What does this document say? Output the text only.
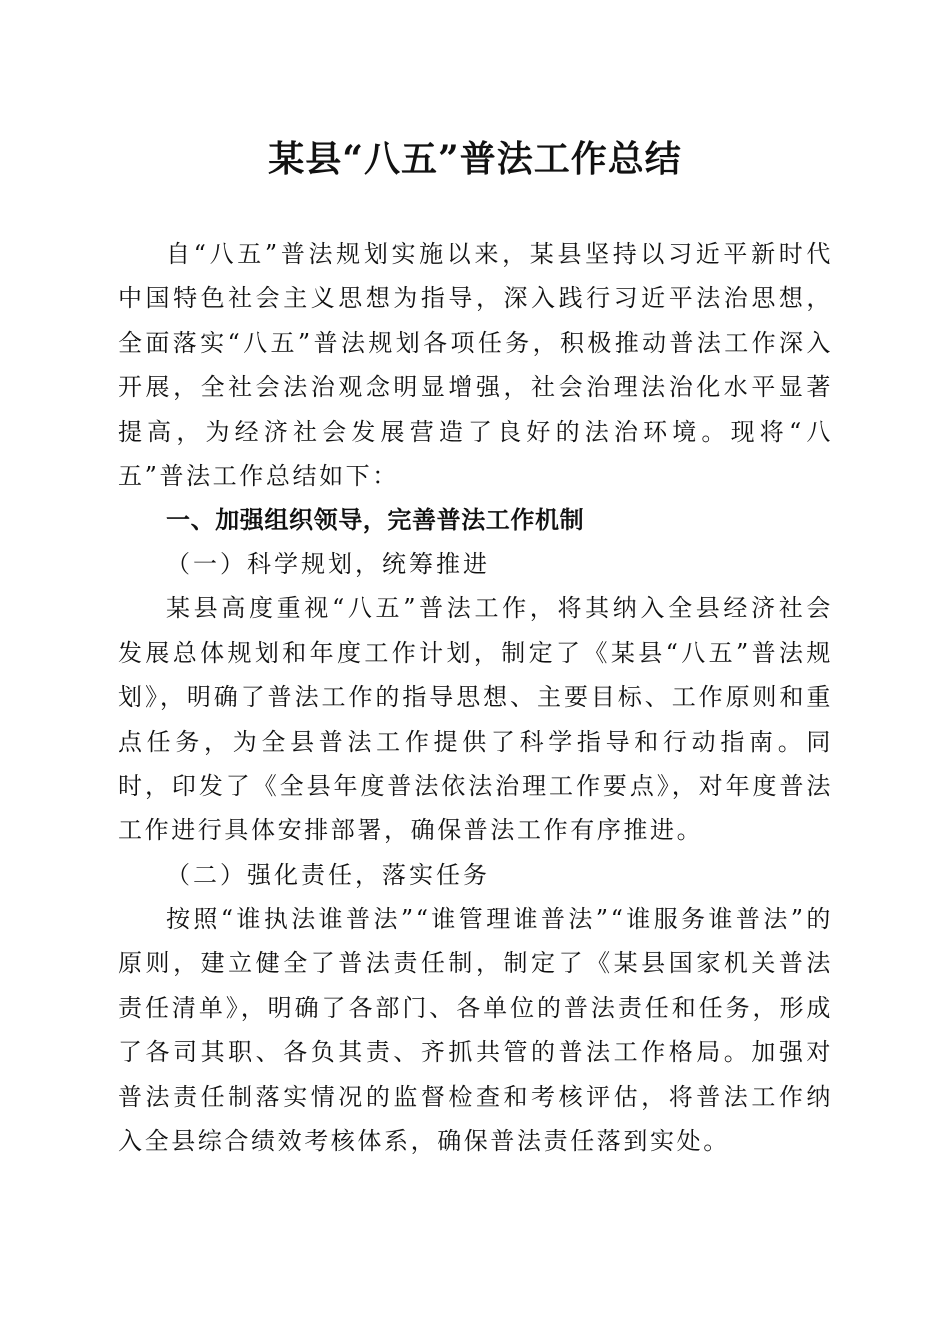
某县“八五”普法工作总结

自“八五”普法规划实施以来，某县坚持以习近平新时代中国特色社会主义思想为指导，深入践行习近平法治思想，全面落实“八五”普法规划各项任务，积极推动普法工作深入开展，全社会法治观念明显增强，社会治理法治化水平显著提高，为经济社会发展营造了良好的法治环境。现将“八五”普法工作总结如下：

一、加强组织领导，完善普法工作机制

（一）科学规划，统筹推进

某县高度重视“八五”普法工作，将其纳入全县经济社会发展总体规划和年度工作计划，制定了《某县“八五”普法规划》，明确了普法工作的指导思想、主要目标、工作原则和重点任务，为全县普法工作提供了科学指导和行动指南。同时，印发了《全县年度普法依法治理工作要点》，对年度普法工作进行具体安排部署，确保普法工作有序推进。

（二）强化责任，落实任务

按照“谁执法谁普法”“谁管理谁普法”“谁服务谁普法”的原则，建立健全了普法责任制，制定了《某县国家机关普法责任清单》，明确了各部门、各单位的普法责任和任务，形成了各司其职、各负其责、齐抓共管的普法工作格局。加强对普法责任制落实情况的监督检查和考核评估，将普法工作纳入全县综合绩效考核体系，确保普法责任落到实处。
